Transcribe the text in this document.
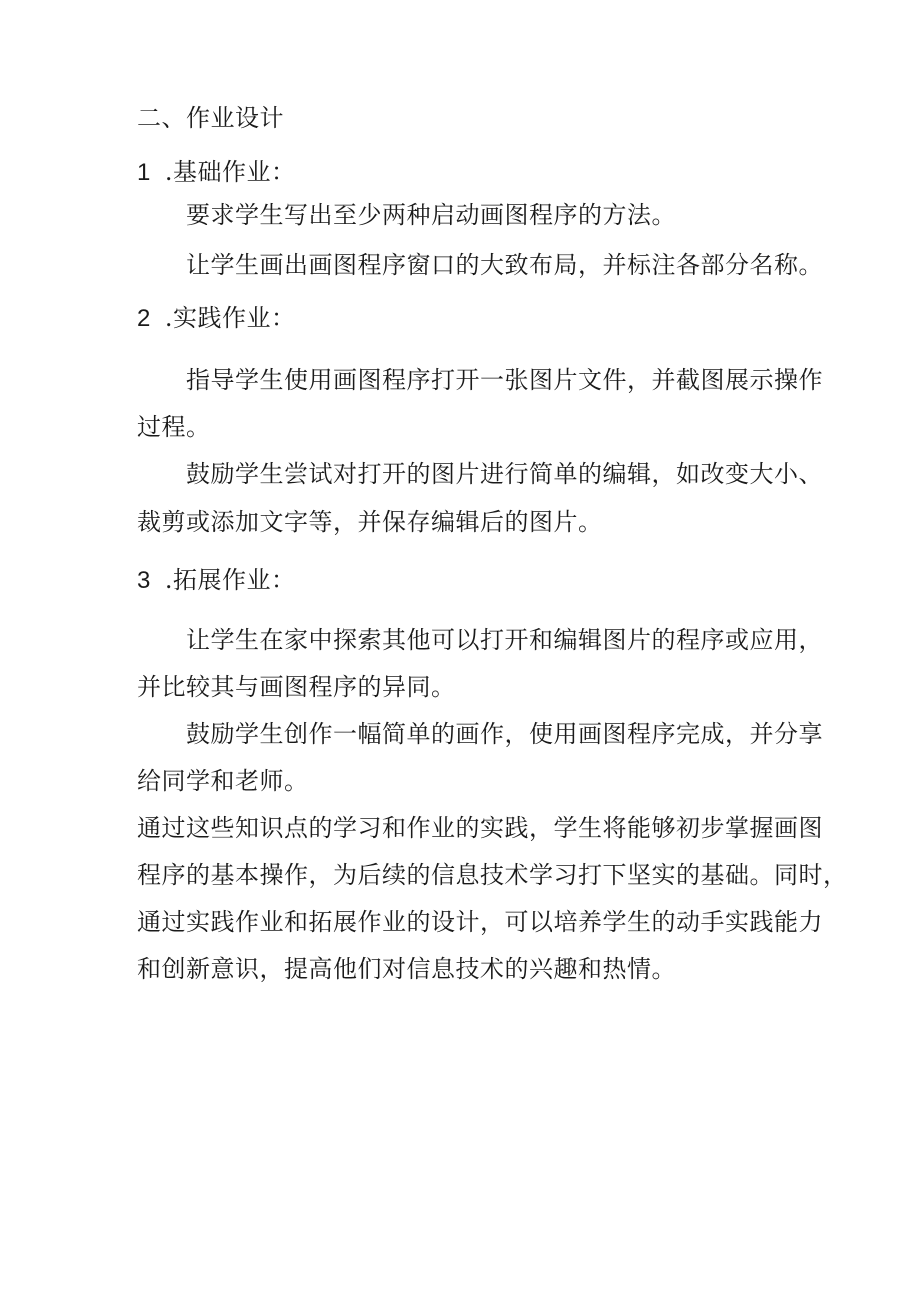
二、作业设计
1 .基础作业：
要求学生写出至少两种启动画图程序的方法。
让学生画出画图程序窗口的大致布局，并标注各部分名称。
2 .实践作业：
指导学生使用画图程序打开一张图片文件，并截图展示操作
过程。
鼓励学生尝试对打开的图片进行简单的编辑，如改变大小、
裁剪或添加文字等，并保存编辑后的图片。
3 .拓展作业：
让学生在家中探索其他可以打开和编辑图片的程序或应用，
并比较其与画图程序的异同。
鼓励学生创作一幅简单的画作，使用画图程序完成，并分享
给同学和老师。
通过这些知识点的学习和作业的实践，学生将能够初步掌握画图
程序的基本操作，为后续的信息技术学习打下坚实的基础。同时，
通过实践作业和拓展作业的设计，可以培养学生的动手实践能力
和创新意识，提高他们对信息技术的兴趣和热情。
